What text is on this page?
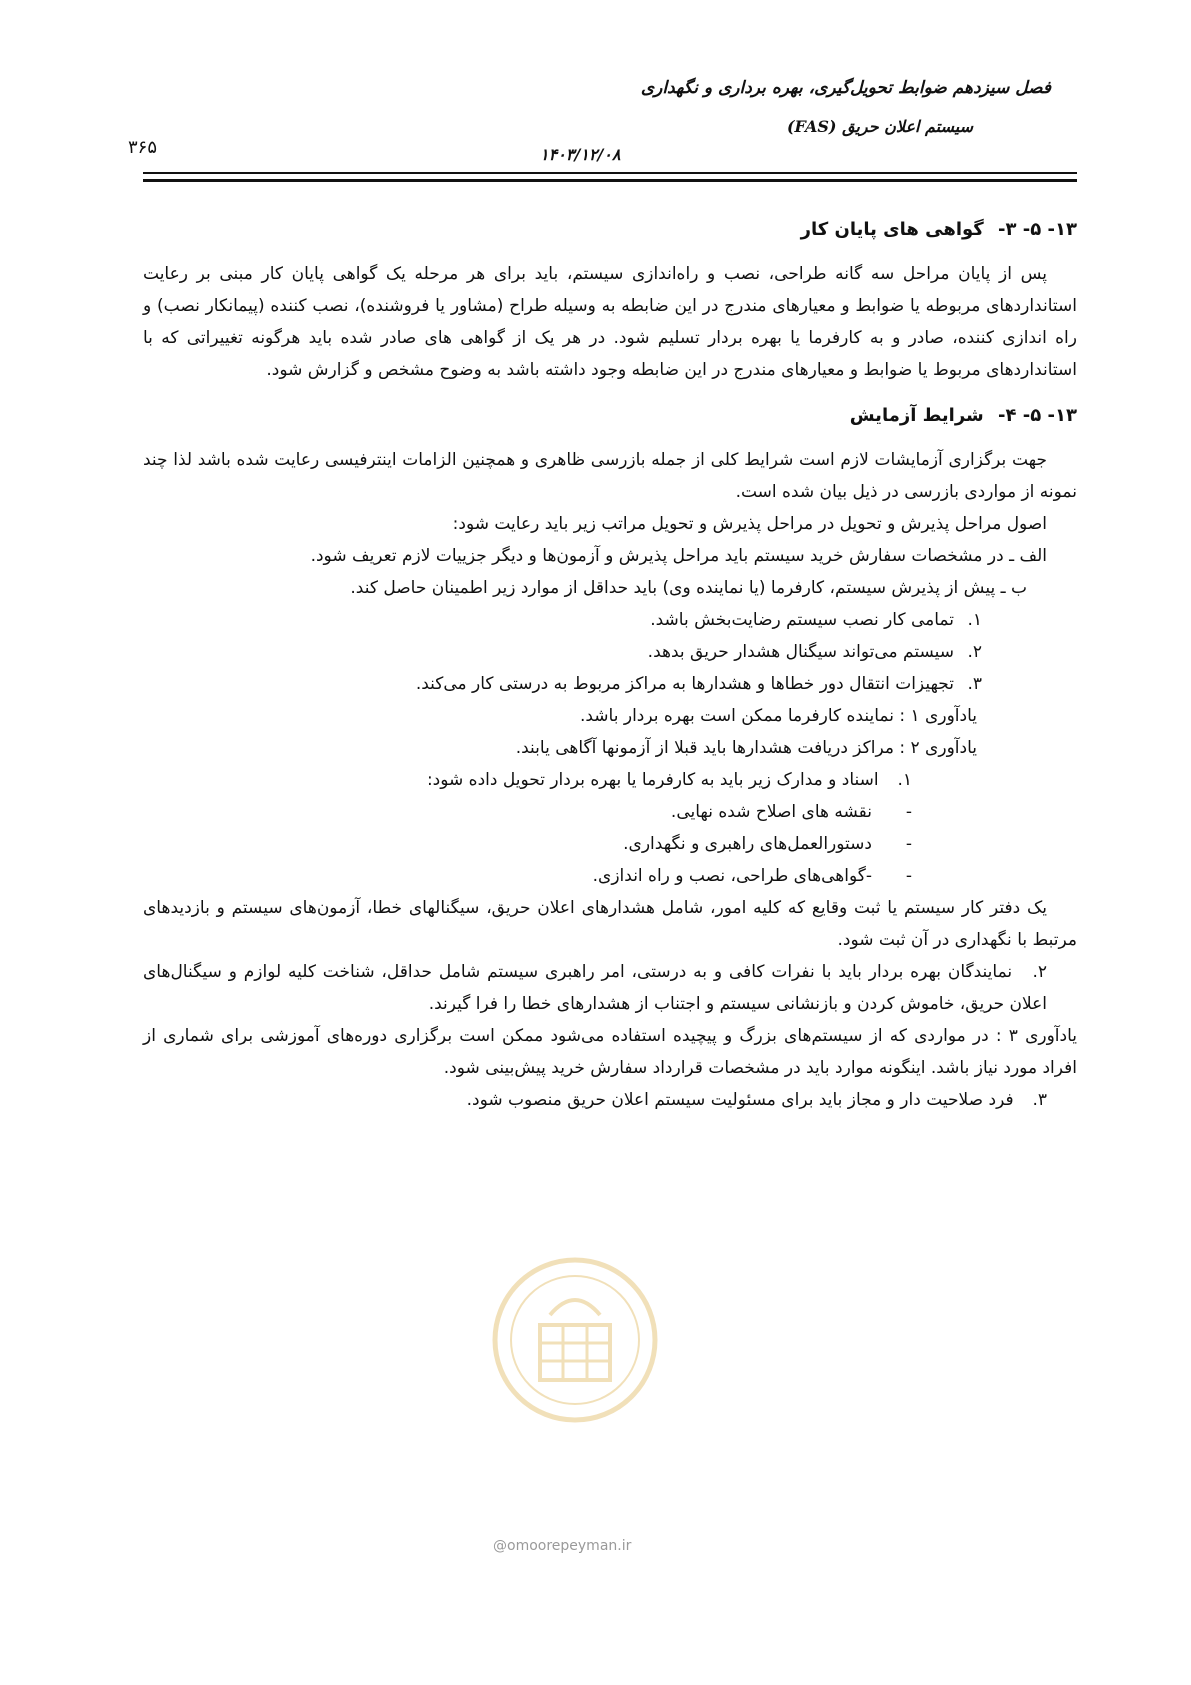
فصل سیزدهم ضوابط تحویل‌گیری، بهره برداری و نگهداری
سیستم اعلان حریق (FAS)
۱۴۰۳/۱۲/۰۸
۳۶۵
۱۳- ۵- ۳- گواهی های پایان کار

پس از پایان مراحل سه گانه طراحی، نصب و راه‌اندازی سیستم، باید برای هر مرحله یک گواهی پایان کار مبنی بر رعایت استانداردهای مربوطه یا ضوابط و معیارهای مندرج در این ضابطه به وسیله طراح (مشاور یا فروشنده)، نصب کننده (پیمانکار نصب) و راه اندازی کننده، صادر و به کارفرما یا بهره بردار تسلیم شود. در هر یک از گواهی های صادر شده باید هرگونه تغییراتی که با استانداردهای مربوط یا ضوابط و معیارهای مندرج در این ضابطه وجود داشته باشد به وضوح مشخص و گزارش شود.

۱۳- ۵- ۴- شرایط آزمایش

جهت برگزاری آزمایشات لازم است شرایط کلی از جمله بازرسی ظاهری و همچنین الزامات اینترفیسی رعایت شده باشد لذا چند نمونه از مواردی بازرسی در ذیل بیان شده است.

اصول مراحل پذیرش و تحویل در مراحل پذیرش و تحویل مراتب زیر باید رعایت شود:

الف ـ در مشخصات سفارش خرید سیستم باید مراحل پذیرش و آزمون‌ها و دیگر جزییات لازم تعریف شود.

ب ـ پیش از پذیرش سیستم، کارفرما (یا نماینده وی) باید حداقل از موارد زیر اطمینان حاصل کند.

۱.تمامی کار نصب سیستم رضایت‌بخش باشد.

۲.سیستم می‌تواند سیگنال هشدار حریق بدهد.

۳.تجهیزات انتقال دور خطاها و هشدارها به مراکز مربوط به درستی کار می‌کند.

یادآوری ۱ : نماینده کارفرما ممکن است بهره بردار باشد.

یادآوری ۲ : مراکز دریافت هشدارها باید قبلا از آزمونها آگاهی یابند.

۱. اسناد و مدارک زیر باید به کارفرما یا بهره بردار تحویل داده شود:

-نقشه های اصلاح شده نهایی.

-دستورالعمل‌های راهبری و نگهداری.

--گواهی‌های طراحی، نصب و راه اندازی.

یک دفتر کار سیستم یا ثبت وقایع که کلیه امور، شامل هشدارهای اعلان حریق، سیگنالهای خطا، آزمون‌های سیستم و بازدیدهای مرتبط با نگهداری در آن ثبت شود.

۲. نمایندگان بهره بردار باید با نفرات کافی و به درستی، امر راهبری سیستم شامل حداقل، شناخت کلیه لوازم و سیگنال‌های اعلان حریق، خاموش کردن و بازنشانی سیستم و اجتناب از هشدارهای خطا را فرا گیرند.

یادآوری ۳ : در مواردی که از سیستم‌های بزرگ و پیچیده استفاده می‌شود ممکن است برگزاری دوره‌های آموزشی برای شماری از افراد مورد نیاز باشد. اینگونه موارد باید در مشخصات قرارداد سفارش خرید پیش‌بینی شود.

۳. فرد صلاحیت دار و مجاز باید برای مسئولیت سیستم اعلان حریق منصوب شود.

@omoorepeyman.ir
